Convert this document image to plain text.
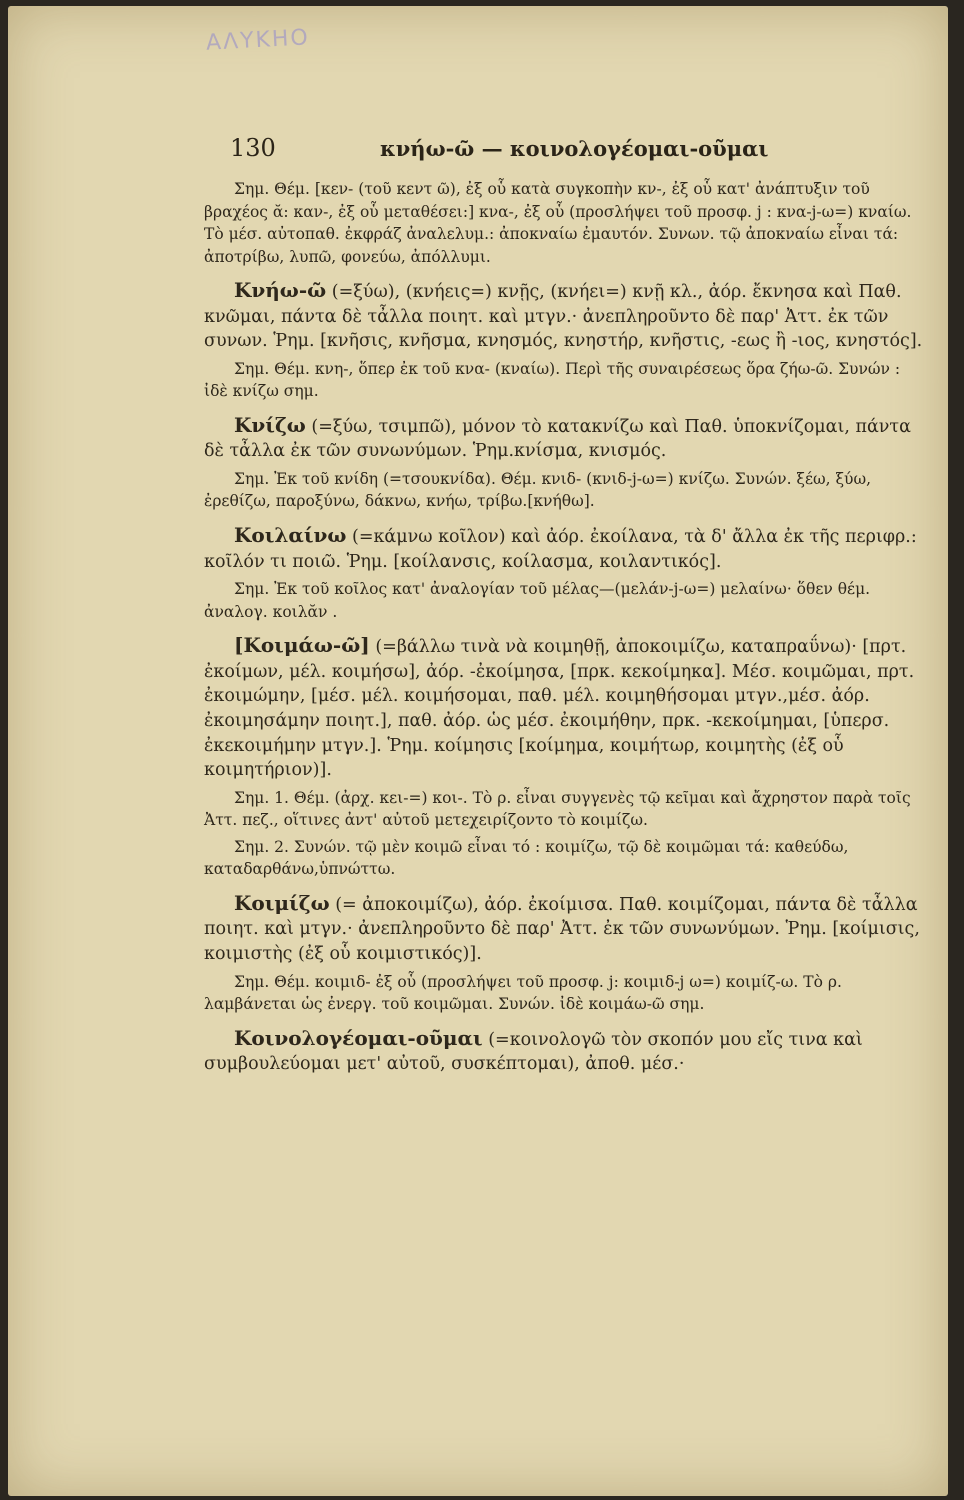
ΑΛΥΚΗΟ
130	κνήω-ῶ — κοινολογέομαι-οῦμαι

Σημ. Θέμ. [κεν- (τοῦ κεντ ῶ), ἐξ οὗ κατὰ συγκοπὴν κν-, ἐξ οὗ κατ' ἀνάπτυξιν τοῦ βραχέος ᾰ: καν-, ἐξ οὗ μεταθέσει:] κνα-, ἐξ οὗ (προσλήψει τοῦ προσφ. j : κνα-j-ω=) κναίω. Τὸ μέσ. αὐτοπαθ. ἐκφράζ ἀναλελυμ.: ἀποκναίω ἐμαυτόν. Συνων. τῷ ἀποκναίω εἶναι τά: ἀποτρίβω, λυπῶ, φονεύω, ἀπόλλυμι.

Κνήω-ῶ (=ξύω), (κνήεις=) κνῇς, (κνήει=) κνῇ κλ., ἀόρ. ἔκνησα καὶ Παθ. κνῶμαι, πάντα δὲ τἆλλα ποιητ. καὶ μτγν.· ἀνεπληροῦντο δὲ παρ' Ἀττ. ἐκ τῶν συνων. Ῥημ. [κνῆσις, κνῆσμα, κνησμός, κνηστήρ, κνῆστις, -εως ἢ -ιος, κνηστός].

Σημ. Θέμ. κνη-, ὅπερ ἐκ τοῦ κνα- (κναίω). Περὶ τῆς συναιρέσεως ὅρα ζήω-ῶ. Συνών : ἰδὲ κνίζω σημ.

Κνίζω (=ξύω, τσιμπῶ), μόνον τὸ κατακνίζω καὶ Παθ. ὑποκνίζομαι, πάντα δὲ τἆλλα ἐκ τῶν συνωνύμων. Ῥημ.κνίσμα, κνισμός.

Σημ. Ἐκ τοῦ κνίδη (=τσουκνίδα). Θέμ. κνιδ- (κνιδ-j-ω=) κνίζω. Συνών. ξέω, ξύω, ἐρεθίζω, παροξύνω, δάκνω, κνήω, τρίβω.[κνήθω].

Κοιλαίνω (=κάμνω κοῖλον) καὶ ἀόρ. ἐκοίλανα, τὰ δ' ἄλλα ἐκ τῆς περιφρ.: κοῖλόν τι ποιῶ. Ῥημ. [κοίλανσις, κοίλασμα, κοιλαντικός].

Σημ. Ἐκ τοῦ κοῖλος κατ' ἀναλογίαν τοῦ μέλας—(μελάν-j-ω=) μελαίνω· ὅθεν θέμ. ἀναλογ. κοιλᾰν .

[Κοιμάω-ῶ] (=βάλλω τινὰ νὰ κοιμηθῇ, ἀποκοιμίζω, καταπραΰνω)· [πρτ. ἐκοίμων, μέλ. κοιμήσω], ἀόρ. -ἐκοίμησα, [πρκ. κεκοίμηκα]. Μέσ. κοιμῶμαι, πρτ. ἐκοιμώμην, [μέσ. μέλ. κοιμήσομαι, παθ. μέλ. κοιμηθήσομαι μτγν.,μέσ. ἀόρ. ἐκοιμησάμην ποιητ.], παθ. ἀόρ. ὡς μέσ. ἐκοιμήθην, πρκ. -κεκοίμημαι, [ὑπερσ. ἐκεκοιμήμην μτγν.]. Ῥημ. κοίμησις [κοίμημα, κοιμήτωρ, κοιμητὴς (ἐξ οὗ κοιμητήριον)].

Σημ. 1. Θέμ. (ἀρχ. κει-=) κοι-. Τὸ ρ. εἶναι συγγενὲς τῷ κεῖμαι καὶ ἄχρηστον παρὰ τοῖς Ἀττ. πεζ., οἵτινες ἀντ' αὐτοῦ μετεχειρίζοντο τὸ κοιμίζω.

Σημ. 2. Συνών. τῷ μὲν κοιμῶ εἶναι τό : κοιμίζω, τῷ δὲ κοιμῶμαι τά: καθεύδω, καταδαρθάνω,ὑπνώττω.

Κοιμίζω (= ἀποκοιμίζω), ἀόρ. ἐκοίμισα. Παθ. κοιμίζομαι, πάντα δὲ τἆλλα ποιητ. καὶ μτγν.· ἀνεπληροῦντο δὲ παρ' Ἀττ. ἐκ τῶν συνωνύμων. Ῥημ. [κοίμισις, κοιμιστὴς (ἐξ οὗ κοιμιστικός)].

Σημ. Θέμ. κοιμιδ- ἐξ οὗ (προσλήψει τοῦ προσφ. j: κοιμιδ-j ω=) κοιμίζ-ω. Τὸ ρ. λαμβάνεται ὡς ἐνεργ. τοῦ κοιμῶμαι. Συνών. ἰδὲ κοιμάω-ῶ σημ.

Κοινολογέομαι-οῦμαι (=κοινολογῶ τὸν σκοπόν μου εἴς τινα καὶ συμβουλεύομαι μετ' αὐτοῦ, συσκέπτομαι), ἀποθ. μέσ.·
